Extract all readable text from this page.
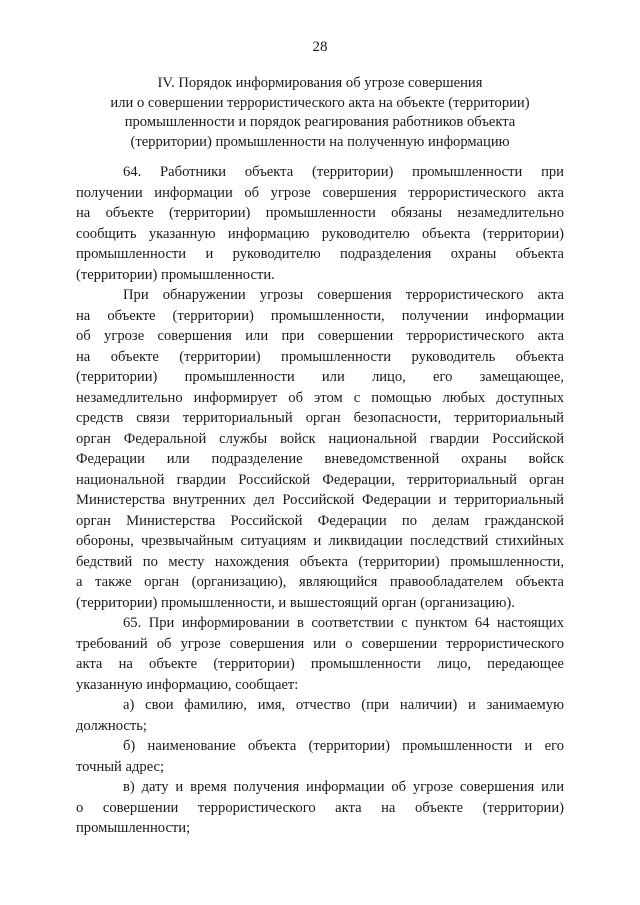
28
IV. Порядок информирования об угрозе совершения
или о совершении террористического акта на объекте (территории)
промышленности и порядок реагирования работников объекта
(территории) промышленности на полученную информацию
64. Работники объекта (территории) промышленности при
получении информации об угрозе совершения террористического акта
на объекте (территории) промышленности обязаны незамедлительно
сообщить указанную информацию руководителю объекта (территории)
промышленности и руководителю подразделения охраны объекта
(территории) промышленности.
При обнаружении угрозы совершения террористического акта
на объекте (территории) промышленности, получении информации
об угрозе совершения или при совершении террористического акта
на объекте (территории) промышленности руководитель объекта
(территории) промышленности или лицо, его замещающее,
незамедлительно информирует об этом с помощью любых доступных
средств связи территориальный орган безопасности, территориальный
орган Федеральной службы войск национальной гвардии Российской
Федерации или подразделение вневедомственной охраны войск
национальной гвардии Российской Федерации, территориальный орган
Министерства внутренних дел Российской Федерации и территориальный
орган Министерства Российской Федерации по делам гражданской
обороны, чрезвычайным ситуациям и ликвидации последствий стихийных
бедствий по месту нахождения объекта (территории) промышленности,
а также орган (организацию), являющийся правообладателем объекта
(территории) промышленности, и вышестоящий орган (организацию).
65. При информировании в соответствии с пунктом 64 настоящих
требований об угрозе совершения или о совершении террористического
акта на объекте (территории) промышленности лицо, передающее
указанную информацию, сообщает:
а) свои фамилию, имя, отчество (при наличии) и занимаемую
должность;
б) наименование объекта (территории) промышленности и его
точный адрес;
в) дату и время получения информации об угрозе совершения или
о совершении террористического акта на объекте (территории)
промышленности;
